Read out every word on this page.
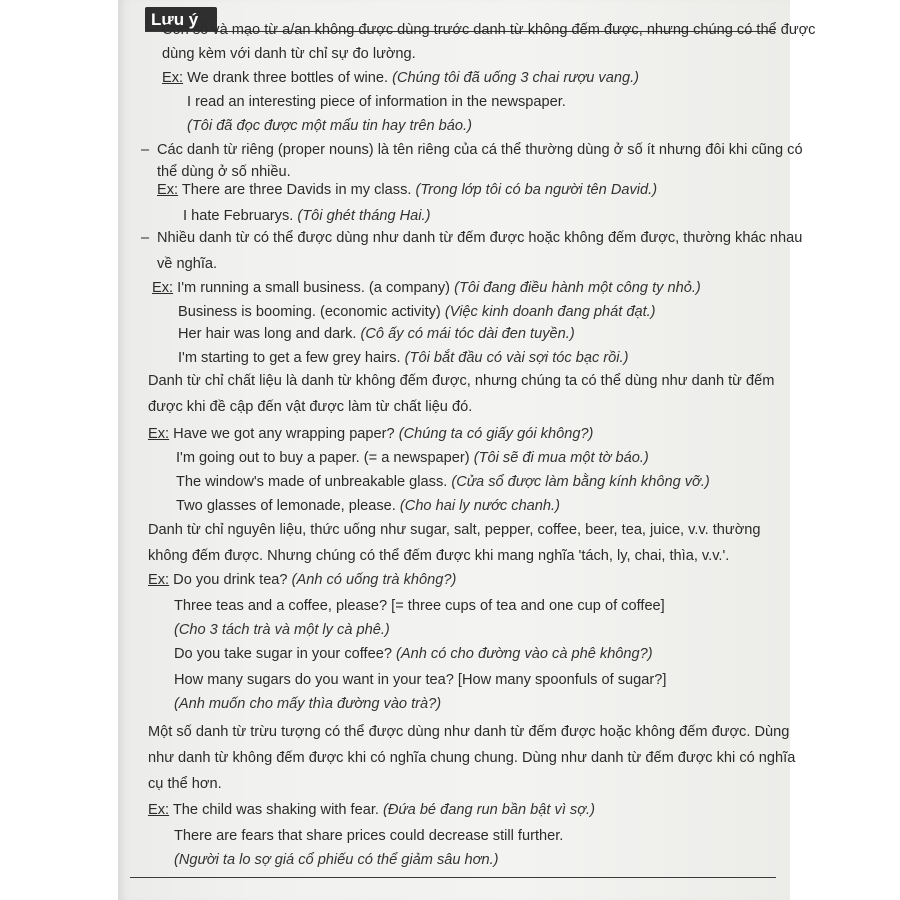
Lưu ý
– Con số và mạo từ a/an không được dùng trước danh từ không đếm được, nhưng chúng có thể được
dùng kèm với danh từ chỉ sự đo lường.
Ex: We drank three bottles of wine. (Chúng tôi đã uống 3 chai rượu vang.)
I read an interesting piece of information in the newspaper.
(Tôi đã đọc được một mẩu tin hay trên báo.)
– Các danh từ riêng (proper nouns) là tên riêng của cá thể thường dùng ở số ít nhưng đôi khi cũng có
thể dùng ở số nhiều.
Ex: There are three Davids in my class. (Trong lớp tôi có ba người tên David.)
I hate Februarys. (Tôi ghét tháng Hai.)
– Nhiều danh từ có thể được dùng như danh từ đếm được hoặc không đếm được, thường khác nhau
về nghĩa.
Ex: I'm running a small business. (a company) (Tôi đang điều hành một công ty nhỏ.)
Business is booming. (economic activity) (Việc kinh doanh đang phát đạt.)
Her hair was long and dark. (Cô ấy có mái tóc dài đen tuyền.)
I'm starting to get a few grey hairs. (Tôi bắt đầu có vài sợi tóc bạc rồi.)
Danh từ chỉ chất liệu là danh từ không đếm được, nhưng chúng ta có thể dùng như danh từ đếm
được khi đề cập đến vật được làm từ chất liệu đó.
Ex: Have we got any wrapping paper? (Chúng ta có giấy gói không?)
I'm going out to buy a paper. (= a newspaper) (Tôi sẽ đi mua một tờ báo.)
The window's made of unbreakable glass. (Cửa sổ được làm bằng kính không vỡ.)
Two glasses of lemonade, please. (Cho hai ly nước chanh.)
Danh từ chỉ nguyên liệu, thức uống như sugar, salt, pepper, coffee, beer, tea, juice, v.v. thường
không đếm được. Nhưng chúng có thể đếm được khi mang nghĩa 'tách, ly, chai, thìa, v.v.'.
Ex: Do you drink tea? (Anh có uống trà không?)
Three teas and a coffee, please? [= three cups of tea and one cup of coffee]
(Cho 3 tách trà và một ly cà phê.)
Do you take sugar in your coffee? (Anh có cho đường vào cà phê không?)
How many sugars do you want in your tea? [How many spoonfuls of sugar?]
(Anh muốn cho mấy thìa đường vào trà?)
Một số danh từ trừu tượng có thể được dùng như danh từ đếm được hoặc không đếm được. Dùng
như danh từ không đếm được khi có nghĩa chung chung. Dùng như danh từ đếm được khi có nghĩa
cụ thể hơn.
Ex: The child was shaking with fear. (Đứa bé đang run bần bật vì sợ.)
There are fears that share prices could decrease still further.
(Người ta lo sợ giá cổ phiếu có thể giảm sâu hơn.)
